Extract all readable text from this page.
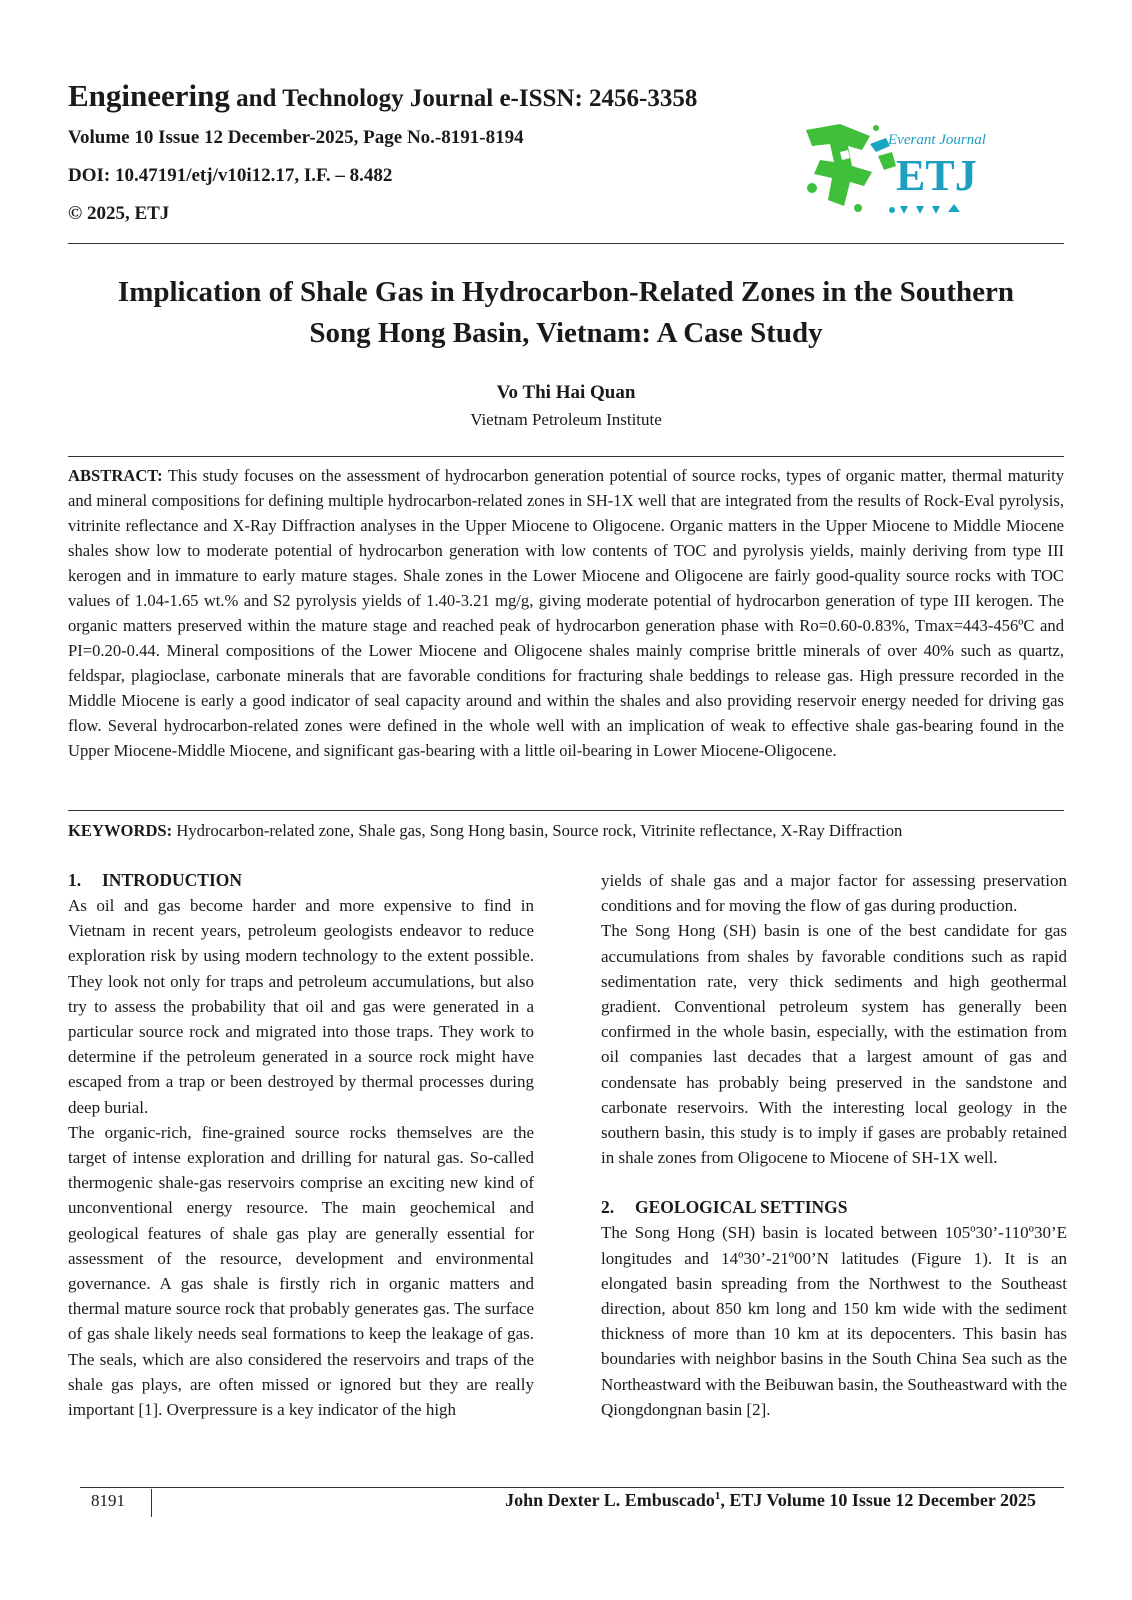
Engineering and Technology Journal e-ISSN: 2456-3358
Volume 10 Issue 12 December-2025, Page No.-8191-8194
DOI: 10.47191/etj/v10i12.17, I.F. – 8.482
© 2025, ETJ
Everant Journal
ETJ
Implication of Shale Gas in Hydrocarbon-Related Zones in the Southern
Song Hong Basin, Vietnam: A Case Study
Vo Thi Hai Quan
Vietnam Petroleum Institute
ABSTRACT: This study focuses on the assessment of hydrocarbon generation potential of source rocks, types of organic matter, thermal maturity and mineral compositions for defining multiple hydrocarbon-related zones in SH-1X well that are integrated from the results of Rock-Eval pyrolysis, vitrinite reflectance and X-Ray Diffraction analyses in the Upper Miocene to Oligocene. Organic matters in the Upper Miocene to Middle Miocene shales show low to moderate potential of hydrocarbon generation with low contents of TOC and pyrolysis yields, mainly deriving from type III kerogen and in immature to early mature stages. Shale zones in the Lower Miocene and Oligocene are fairly good-quality source rocks with TOC values of 1.04-1.65 wt.% and S2 pyrolysis yields of 1.40-3.21 mg/g, giving moderate potential of hydrocarbon generation of type III kerogen. The organic matters preserved within the mature stage and reached peak of hydrocarbon generation phase with Ro=0.60-0.83%, Tmax=443-456ºC and PI=0.20-0.44. Mineral compositions of the Lower Miocene and Oligocene shales mainly comprise brittle minerals of over 40% such as quartz, feldspar, plagioclase, carbonate minerals that are favorable conditions for fracturing shale beddings to release gas. High pressure recorded in the Middle Miocene is early a good indicator of seal capacity around and within the shales and also providing reservoir energy needed for driving gas flow. Several hydrocarbon-related zones were defined in the whole well with an implication of weak to effective shale gas-bearing found in the Upper Miocene-Middle Miocene, and significant gas-bearing with a little oil-bearing in Lower Miocene-Oligocene.
KEYWORDS: Hydrocarbon-related zone, Shale gas, Song Hong basin, Source rock, Vitrinite reflectance, X-Ray Diffraction
1. INTRODUCTION

As oil and gas become harder and more expensive to find in Vietnam in recent years, petroleum geologists endeavor to reduce exploration risk by using modern technology to the extent possible. They look not only for traps and petroleum accumulations, but also try to assess the probability that oil and gas were generated in a particular source rock and migrated into those traps. They work to determine if the petroleum generated in a source rock might have escaped from a trap or been destroyed by thermal processes during deep burial.

The organic-rich, fine-grained source rocks themselves are the target of intense exploration and drilling for natural gas. So-called thermogenic shale-gas reservoirs comprise an exciting new kind of unconventional energy resource. The main geochemical and geological features of shale gas play are generally essential for assessment of the resource, development and environmental governance. A gas shale is firstly rich in organic matters and thermal mature source rock that probably generates gas. The surface of gas shale likely needs seal formations to keep the leakage of gas. The seals, which are also considered the reservoirs and traps of the shale gas plays, are often missed or ignored but they are really important [1]. Overpressure is a key indicator of the high

yields of shale gas and a major factor for assessing preservation conditions and for moving the flow of gas during production.

The Song Hong (SH) basin is one of the best candidate for gas accumulations from shales by favorable conditions such as rapid sedimentation rate, very thick sediments and high geothermal gradient. Conventional petroleum system has generally been confirmed in the whole basin, especially, with the estimation from oil companies last decades that a largest amount of gas and condensate has probably being preserved in the sandstone and carbonate reservoirs. With the interesting local geology in the southern basin, this study is to imply if gases are probably retained in shale zones from Oligocene to Miocene of SH-1X well.

2. GEOLOGICAL SETTINGS

The Song Hong (SH) basin is located between 105º30’-110º30’E longitudes and 14º30’-21º00’N latitudes (Figure 1). It is an elongated basin spreading from the Northwest to the Southeast direction, about 850 km long and 150 km wide with the sediment thickness of more than 10 km at its depocenters. This basin has boundaries with neighbor basins in the South China Sea such as the Northeastward with the Beibuwan basin, the Southeastward with the Qiongdongnan basin [2].

8191	John Dexter L. Embuscado$^1$, ETJ Volume 10 Issue 12 December 2025
